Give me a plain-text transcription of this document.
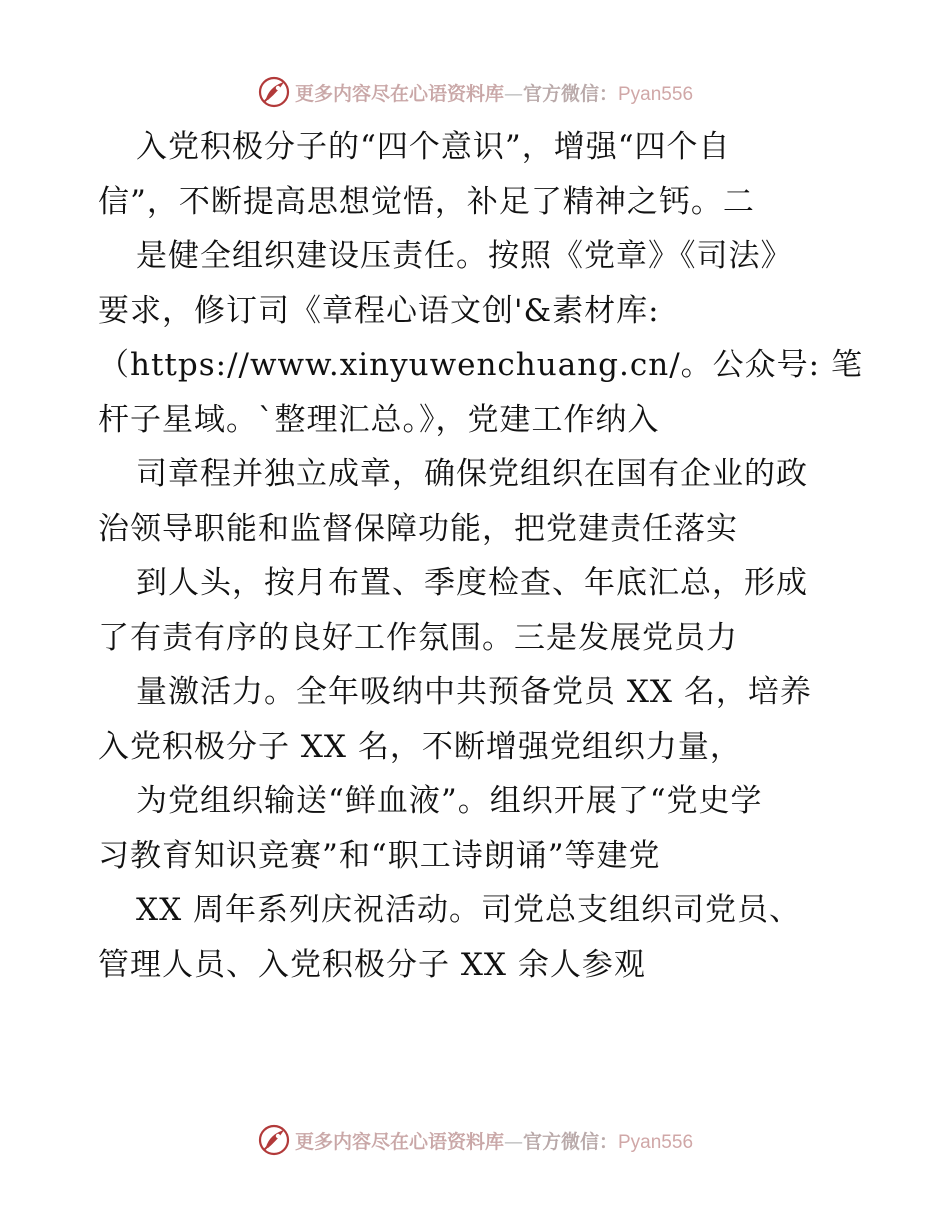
更多内容尽在心语资料库—官方微信：Pyan556
入党积极分子的“四个意识”，增强“四个自
信”，不断提高思想觉悟，补足了精神之钙。二
是健全组织建设压责任。按照《党章》《司法》
要求，修订司《章程心语文创'&素材库:
（https://www.xinyuwenchuang.cn/。公众号: 笔
杆子星域。`整理汇总。》，党建工作纳入
司章程并独立成章，确保党组织在国有企业的政
治领导职能和监督保障功能，把党建责任落实
到人头，按月布置、季度检查、年底汇总，形成
了有责有序的良好工作氛围。三是发展党员力
量激活力。全年吸纳中共预备党员 XX 名，培养
入党积极分子 XX 名，不断增强党组织力量，
为党组织输送“鲜血液”。组织开展了“党史学
习教育知识竞赛”和“职工诗朗诵”等建党
XX 周年系列庆祝活动。司党总支组织司党员、
管理人员、入党积极分子 XX 余人参观
更多内容尽在心语资料库—官方微信：Pyan556
